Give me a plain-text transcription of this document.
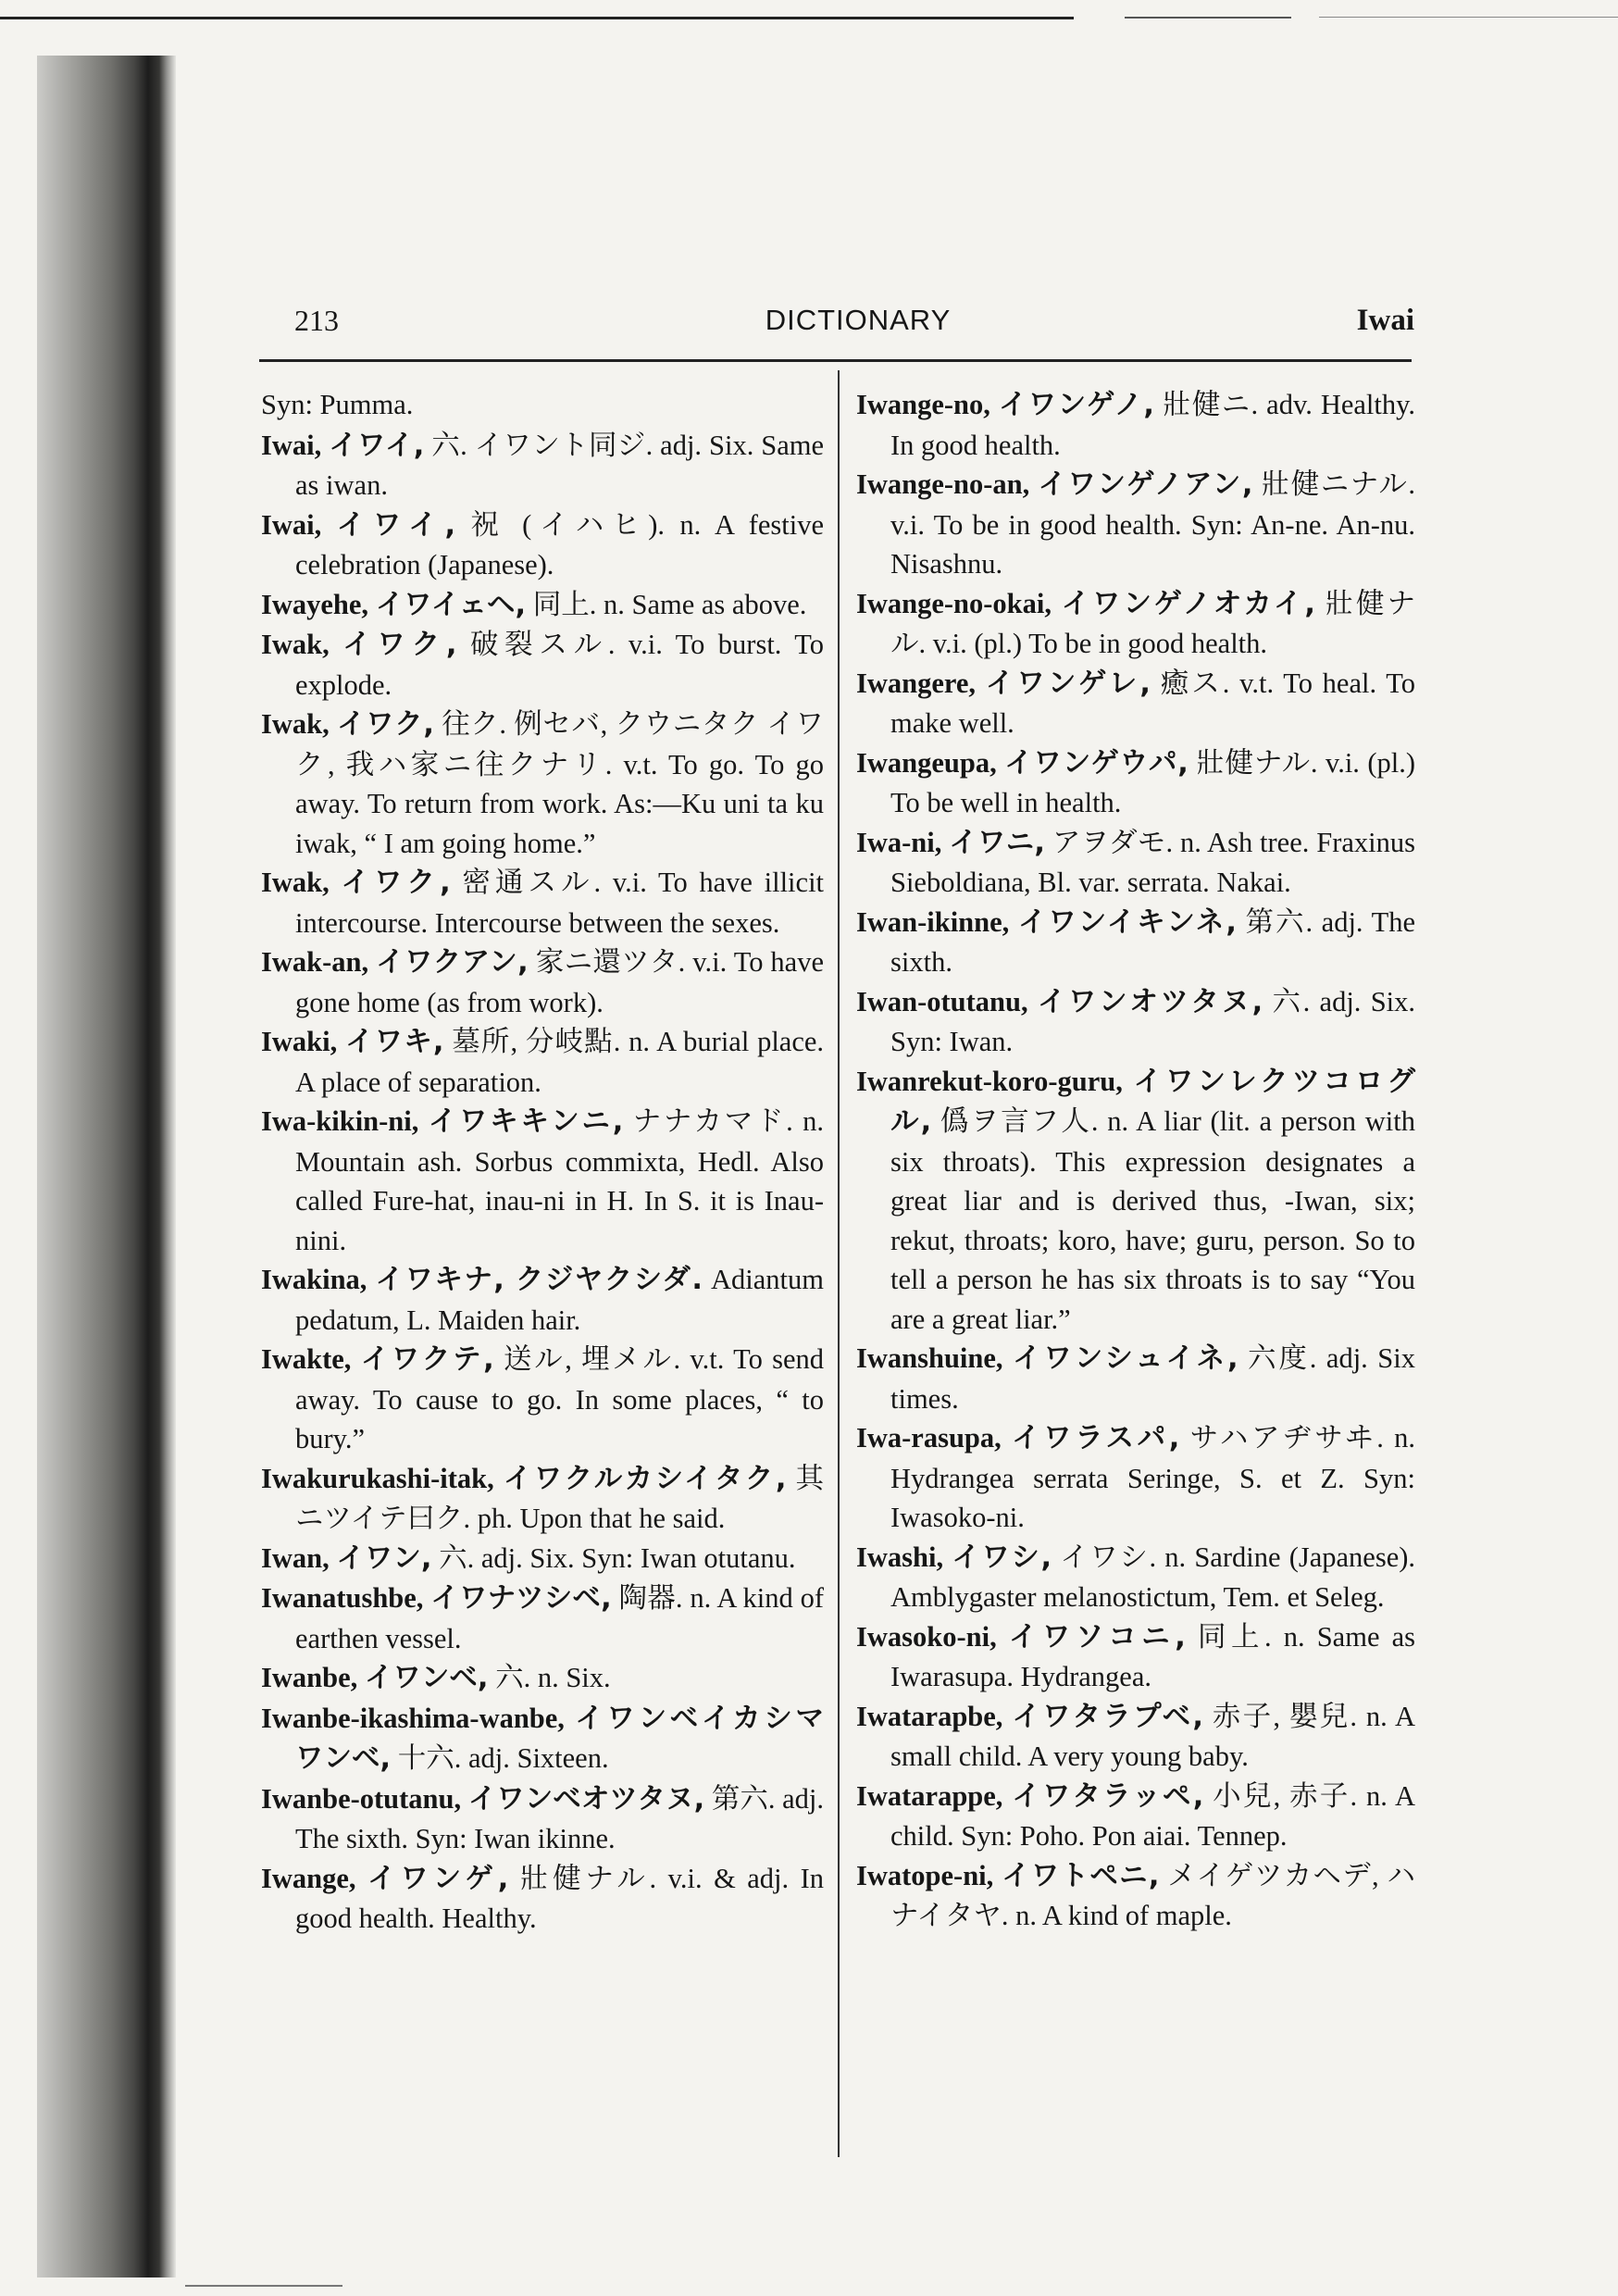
213	DICTIONARY	Iwai

Syn: Pumma.

Iwai, イワイ, 六. イワント同ジ. adj. Six. Same as iwan.

Iwai, イワイ, 祝 (イハヒ). n. A festive celebration (Japanese).

Iwayehe, イワイェヘ, 同上. n. Same as above.

Iwak, イワク, 破裂スル. v.i. To burst. To explode.

Iwak, イワク, 往ク. 例セバ, クウニタク イワク, 我ハ家ニ往クナリ. v.t. To go. To go away. To return from work. As:—Ku uni ta ku iwak, “ I am going home.”

Iwak, イワク, 密通スル. v.i. To have illicit intercourse. Intercourse between the sexes.

Iwak-an, イワクアン, 家ニ還ツタ. v.i. To have gone home (as from work).

Iwaki, イワキ, 墓所, 分岐點. n. A burial place. A place of separation.

Iwa-kikin-ni, イワキキンニ, ナナカマド. n. Mountain ash. Sorbus commixta, Hedl. Also called Fure-hat, inau-ni in H. In S. it is Inau-nini.

Iwakina, イワキナ, クジヤクシダ. Adiantum pedatum, L. Maiden hair.

Iwakte, イワクテ, 送ル, 埋メル. v.t. To send away. To cause to go. In some places, “ to bury.”

Iwakurukashi-itak, イワクルカシイタク, 其ニツイテ曰ク. ph. Upon that he said.

Iwan, イワン, 六. adj. Six. Syn: Iwan otutanu.

Iwanatushbe, イワナツシベ, 陶器. n. A kind of earthen vessel.

Iwanbe, イワンベ, 六. n. Six.

Iwanbe-ikashima-wanbe, イワンベイカシマワンベ, 十六. adj. Sixteen.

Iwanbe-otutanu, イワンベオツタヌ, 第六. adj. The sixth. Syn: Iwan ikinne.

Iwange, イワンゲ, 壯健ナル. v.i. & adj. In good health. Healthy.

Iwange-no, イワンゲノ, 壯健ニ. adv. Healthy. In good health.

Iwange-no-an, イワンゲノアン, 壯健ニナル. v.i. To be in good health. Syn: An-ne. An-nu. Nisashnu.

Iwange-no-okai, イワンゲノオカイ, 壯健ナル. v.i. (pl.) To be in good health.

Iwangere, イワンゲレ, 癒ス. v.t. To heal. To make well.

Iwangeupa, イワンゲウパ, 壯健ナル. v.i. (pl.) To be well in health.

Iwa-ni, イワニ, アヲダモ. n. Ash tree. Fraxinus Sieboldiana, Bl. var. serrata. Nakai.

Iwan-ikinne, イワンイキンネ, 第六. adj. The sixth.

Iwan-otutanu, イワンオツタヌ, 六. adj. Six. Syn: Iwan.

Iwanrekut-koro-guru, イワンレクツコログル, 僞ヲ言フ人. n. A liar (lit. a person with six throats). This expression designates a great liar and is derived thus, -Iwan, six; rekut, throats; koro, have; guru, person. So to tell a person he has six throats is to say “You are a great liar.”

Iwanshuine, イワンシュイネ, 六度. adj. Six times.

Iwa-rasupa, イワラスパ, サハアヂサヰ. n. Hydrangea serrata Seringe, S. et Z. Syn: Iwasoko-ni.

Iwashi, イワシ, イワシ. n. Sardine (Japanese). Amblygaster melanostictum, Tem. et Seleg.

Iwasoko-ni, イワソコニ, 同上. n. Same as Iwarasupa. Hydrangea.

Iwatarapbe, イワタラプベ, 赤子, 嬰兒. n. A small child. A very young baby.

Iwatarappe, イワタラッペ, 小兒, 赤子. n. A child. Syn: Poho. Pon aiai. Tennep.

Iwatope-ni, イワトペニ, メイゲツカヘデ, ハナイタヤ. n. A kind of maple.
